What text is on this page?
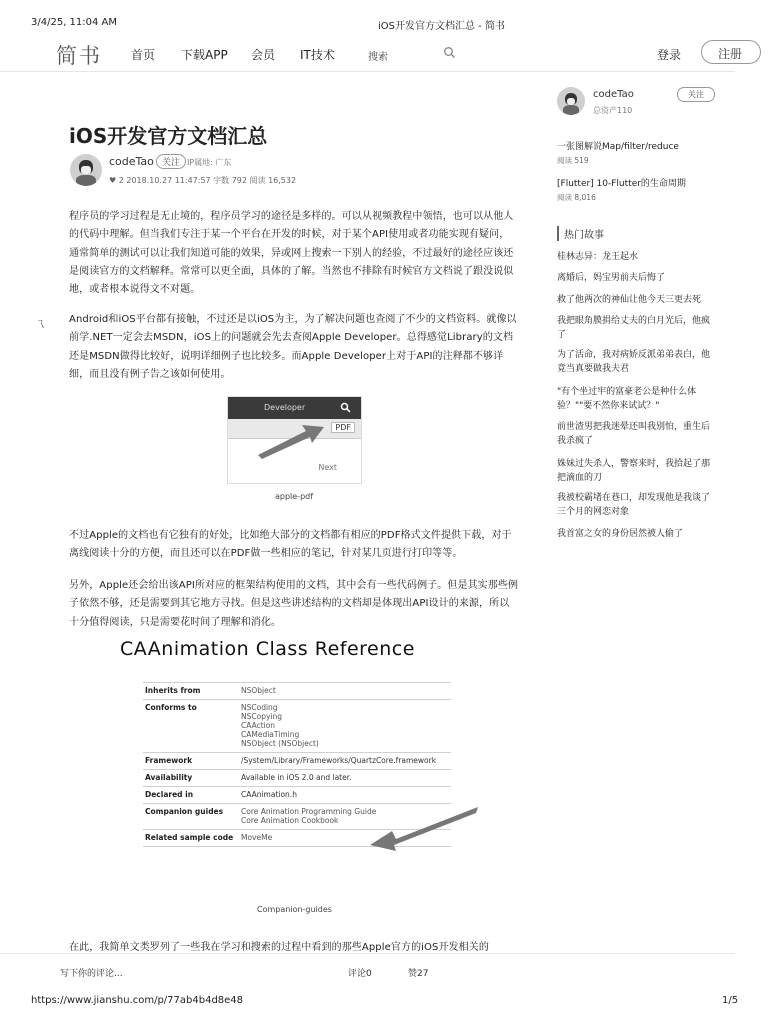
3/4/25, 11:04 AM	iOS开发官方文档汇总 - 简书
简书 首页 下载APP 会员 IT技术	搜索	登录	注册
iOS开发官方文档汇总
codeTao 关注 IP属地: 广东
♥ 2 2018.10.27 11:47:57 字数 792 阅读 16,532
程序员的学习过程是无止境的，程序员学习的途径是多样的。可以从视频教程中领悟，也可以从他人的代码中理解。但当我们专注于某一个平台在开发的时候，对于某个API使用或者功能实现有疑问，通常简单的测试可以让我们知道可能的效果，异或网上搜索一下别人的经验，不过最好的途径应该还是阅读官方的文档解释。常常可以更全面，具体的了解。当然也不排除有时候官方文档说了跟没说似地，或者根本说得文不对题。
ㄟ Android和iOS平台都有接触，不过还是以iOS为主，为了解决问题也查阅了不少的文档资料。就像以前学.NET一定会去MSDN，iOS上的问题就会先去查阅Apple Developer。总得感觉Library的文档还是MSDN做得比较好，说明详细例子也比较多。而Apple Developer上对于API的注释都不够详细，而且没有例子告之该如何使用。
Developer
PDF
Next
apple-pdf
不过Apple的文档也有它独有的好处，比如绝大部分的文档都有相应的PDF格式文件提供下载，对于离线阅读十分的方便，而且还可以在PDF做一些相应的笔记，针对某几页进行打印等等。
另外，Apple还会给出该API所对应的框架结构使用的文档，其中会有一些代码例子。但是其实那些例子依然不够，还是需要到其它地方寻找。但是这些讲述结构的文档却是体现出API设计的来源，所以十分值得阅读，只是需要花时间了理解和消化。
CAAnimation Class Reference
Inherits from	NSObject

Conforms to	NSCoding
NSCopying
CAAction
CAMediaTiming
NSObject (NSObject)

Framework	/System/Library/Frameworks/QuartzCore.framework

Availability	Available in iOS 2.0 and later.

Declared in	CAAnimation.h

Companion guides	Core Animation Programming Guide
Core Animation Cookbook

Related sample code	MoveMe
Companion-guides
在此，我简单文类罗列了一些我在学习和搜索的过程中看到的那些Apple官方的iOS开发相关的
codeTao
总资产110
关注
一张图解说Map/filter/reduce
阅读 519
[Flutter] 10-Flutter的生命周期
阅读 8,016
热门故事
桂林志异：龙王起水
离婚后，妈宝男前夫后悔了
救了他两次的神仙让他今天三更去死
我把眼角膜捐给丈夫的白月光后，他疯了
为了活命，我对病娇反派弟弟表白，他竟当真要做我夫君
"有个坐过牢的富豪老公是种什么体验？""要不然你来试试？"
前世渣男把我迷晕还叫我别怕，重生后我杀疯了
姝妹过失杀人，警察来时，我拾起了那把滴血的刀
我被校霸堵在巷口，却发现他是我谈了三个月的网恋对象
我首富之女的身份居然被人偷了
写下你的评论...	评论0	赞27
https://www.jianshu.com/p/77ab4b4d8e48	1/5
